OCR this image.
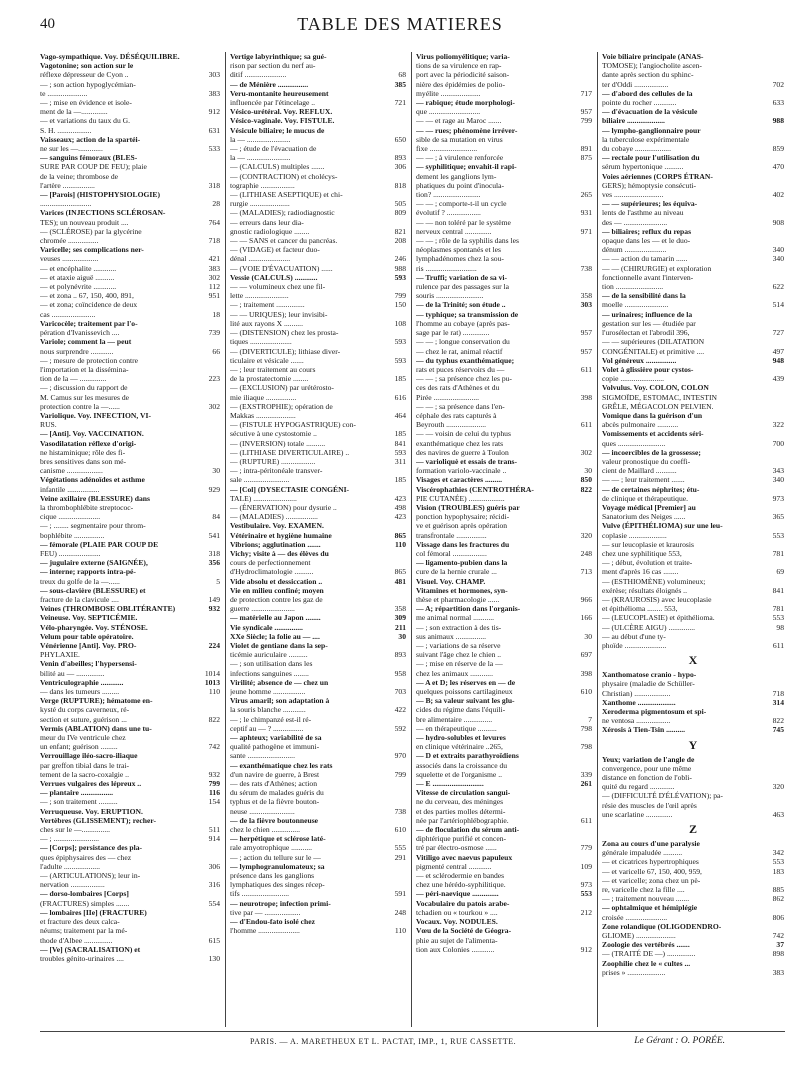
40	TABLE DES MATIERES
Vago-sympathique. Voy. DÉSÉQUILIBRE.
Vagotonine; son action sur le
réflexe dépresseur de Cyon ..	303
— ; son action hypoglycémian-
te .....................	383
— ; mise en évidence et isole-
ment de la —..............	912
— et variations du taux du G.
S. H. ..................	631
Vaisseaux; action de la spartéi-
ne sur les —.............	533
— sanguins fémoraux (BLES-
SURE PAR COUP DE FEU); plaie
de la veine; thrombose de
l'artère .................	318
— [Parois] (HISTOPHYSIOLOGIE)
...........................	28
Varices (INJECTIONS SCLÉROSAN-
TES); un nouveau produit ....	764
— (SCLÉROSE) par la glycérine
chromée ................	718
Varicelle; ses complications ner-
veuses ...................	421
— et encéphalite ............	383
— et ataxie aiguë ..........	302
— et polynévrite ............	112
— et zona .. 67, 150, 400, 891,	951
— et zona; coïncidence de deux
cas .......................	18
Varicocèle; traitement par l'o-
pération d'Ivanissevich ....	739
Variole; comment la — peut
nous surprendre ............	66
— ; mesure de protection contre
l'importation et la dissémina-
tion de la — ..............	223
— ; discussion du rapport de
M. Camus sur les mesures de
protection contre la —......	302
Variolique. Voy. INFECTION, VI-
RUS.
— [Anti]. Voy. VACCINATION.
Vasodilatation réflexe d'origi-
ne histaminique; rôle des fi-
bres sensitives dans son mé-
canisme ...................	30
Végétations adénoïdes et asthme
infantile .................	929
Veine axillaire (BLESSURE) dans
la thrombophlébite streptococ-
cique ......................	84
— ; ........ segmentaire pour throm-
bophlébite ................	541
— fémorale (PLAIE PAR COUP DE
FEU) ......................	318
— jugulaire externe (SAIGNÉE),	356
— interne; rapports intra-pé-
treux du golfe de la —......	5
— sous-clavière (BLESSURE) et
fracture de la clavicule ....	149
Veines (THROMBOSE OBLITÉRANTE)	932
Veineuse. Voy. SEPTICÉMIE.
Vélo-pharyngée. Voy. STÉNOSE.
Velum pour table opératoire.
Vénérienne [Anti]. Voy. PRO-	224
PHYLAXIE.
Venin d'abeilles; l'hypersensi-
bilité au — ...............	1014
Ventriculographie ............	1013
— dans les tumeurs .........	110
Verge (RUPTURE); hématome en-
kysté du corps caverneux, ré-
section et suture, guérison ...	822
Vermis (ABLATION) dans une tu-
meur du IVe ventricule chez
un enfant; guérison .........	742
Verrouillage iléo-sacro-iliaque
par greffon tibial dans le trai-
tement de la sacro-coxalgie ..	932
Verrues vulgaires des lépreux ..	799
— plantaire .................	116
— ; son traitement ..........	154
Verruqueuse. Voy. ERUPTION.
Vertèbres (GLISSEMENT); recher-
ches sur le —...............	511
— ; ........................	914
— [Corps]; persistance des pla-
ques épiphysaires des — chez
l'adulte ...................	306
— (ARTICULATIONS); leur in-
nervation ..................	316
— dorso-lombaires [Corps]
(FRACTURES) simples .......	554
— lombaires [IIe] (FRACTURE)
et fracture des deux calca-
néums; traitement par la mé-
thode d'Albee ...............	615
— [Ve] (SACRALISATION) et
troubles génito-urinaires ....	130
Vertige labyrinthique; sa gué-
rison par section du nerf au-
ditif ......................	68
— de Ménière ................	385
Veru-montanite heureusement
influencée par l'étincelage ..	721
Vésico-urétéral. Voy. REFLUX.
Vésico-vaginale. Voy. FISTULE.
Vésicule biliaire; le mucus de
la — .......................	650
— ; étude de l'évacuation de
la — .......................	893
— (CALCULS) multiples .......	306
— (CONTRACTION) et cholécys-
tographie ..................	818
— (LITHIASE ASEPTIQUE) et chi-
rurgie .....................	505
— (MALADIES); radiodiagnostic	809
— erreurs dans leur dia-
gnostic radiologique ........	821
— — SANS et cancer du pancréas.	208
— (VIDAGE) et facteur duo-
dénal ......................	246
— (VOIE D'ÉVACUATION) ......	988
Vessie (CALCULS) ............	593
— — volumineux chez une fil-
lette .......................	799
— ; traitement ...............	150
— — URIQUES); leur invisibi-
lité aux rayons X ..........	108
— (DISTENSION) chez les prosta-
tiques ......................	593
— (DIVERTICULE); lithiase diver-
ticulaire et vésicale .......	593
— ; leur traitement au cours
de la prostatectomie ........	185
— (EXCLUSION) par urétérosto-
mie iliaque ................	616
— (EXSTROPHIE); opération de
Makkas .....................	464
— (FISTULE HYPOGASTRIQUE) con-
sécutive à une cystostomie ..	185
— (INVERSION) totale ..........	841
— (LITHIASE DIVERTICULAIRE) ..	593
— (RUPTURE) ..................	311
— ; intra-péritonéale transver-
sale ........................	185
— [Col] (DYSECTASIE CONGÉNI-
TALE) .......................	423
— (ÉNERVATION) pour dysurie ..	498
— (MALADIES) .................	423
Vestibulaire. Voy. EXAMEN.
Vétérinaire et hygiène humaine	865
Vibrions; agglutination .......	110
Vichy; visite à — des élèves du
cours de perfectionnement
d'Hydroclimatologie ..........	865
Vide absolu et dessiccation ..	481
Vie en milieu confiné; moyen
de protection contre les gaz de
guerre .......................	358
— matérielle au Japon ........	309
Vie syndicale ...............	211
XXe Siècle; la folie au — ....	30
Violet de gentiane dans la sep-
ticémie auriculaire ..........	893
— ; son utilisation dans les
infections sanguines ........	958
Virilité; absence de — chez un
jeune homme .................	703
Virus amaril; son adaptation à
la souris blanche ............	422
— ; le chimpanzé est-il ré-
ceptif au — ? ................	592
— aphteux; variabilité de sa
qualité pathogène et immuni-
sante .........................	970
— exanthématique chez les rats
d'un navire de guerre, à Brest	799
— des rats d'Athènes; action
du sérum de malades guéris du
typhus et de la fièvre bouton-
neuse ........................	738
— de la fièvre boutonneuse
chez le chien ...............	610
— herpétique et sclérose laté-
rale amyotrophique ...........	555
— ; action du tellure sur le —	291
— lymphogranulomateux; sa
présence dans les ganglions
lymphatiques des singes récep-
tifs .........................	591
— neurotrope; infection primi-
tive par — ...................	248
— d'Endou-fato isolé chez
l'homme ......................	110
Virus poliomyélitique; varia-
tions de sa virulence en rap-
port avec la périodicité saison-
nière des épidémies de polio-
myélite .....................	717
— rabique; étude morphologi-
que ...........................	957
— — et rage au Maroc .......	799
— — rues; phénomène irréver-
sible de sa mutation en virus
fixe .........................	891
— — ; à virulence renforcée	875
— syphilitique; envahit-il rapi-
dement les ganglions lym-
phatiques du point d'inocula-
tion? .........................	265
— — ; comporte-t-il un cycle
évolutif ? ..................	931
— — non toléré par le système
nerveux central ..............	971
— — ; rôle de la syphilis dans les
néoplasmes spontanés et les
lymphadénomes chez la sou-
ris ...........................	738
— Truffi; variation de sa vi-
rulence par des passages sur la
souris .........................	358
— de la Trinité; son étude ..	303
— typhique; sa transmission de
l'homme au cobaye (après pas-
sage par le rat) ..............	957
— — ; longue conservation du
— chez le rat, animal réactif	957
— du typhus exanthématique;
rats et puces réservoirs du —	611
— — ; sa présence chez les pu-
ces des rats d'Athènes et du
Pirée ........................	398
— — ; sa présence dans l'en-
céphale des rats capturés à
Beyrouth .....................	611
— — voisin de celui du typhus
exanthématique chez les rats
des navires de guerre à Toulon	302
— varioliquè et essais de trans-
formation variolo-vaccinale ..	30
Visages et caractères .........	850
Viscérophathies (CENTROTHÉRA-	822
PIE CUTANÉE) ...................
Vision (TROUBLES) guéris par
ponction hypophysaire; récidi-
ve et guérison après opération
transfrontale ................	320
Vissage dans les fractures du
col fémoral ..................	248
— ligamento-pubien dans la
cure de la hernie crurale ...	713
Visuel. Voy. CHAMP.
Vitamines et hormones, syn-
thèse et pharmacologie ......	966
— A; répartition dans l'organis-
me animal normal ...........	166
— ; son extraction à des tis-
sus animaux ................	30
— ; variations de sa réserve
suivant l'âge chez le chien ..	697
— ; mise en réserve de la —
chez les animaux ............	398
— A et D; les réserves en — de
quelques poissons cartilagineux	610
— B; sa valeur suivant les glu-
cides du régime dans l'équili-
bre alimentaire ...............	7
— en thérapeutique ..........	798
— hydro-solubles et levures
en clinique vétérinaire ..265,	798
— D et extraits parathyroïdiens
associés dans la croissance du
squelette et de l'organisme ..	339
— E ...........................	261
Vitesse de circulation sangui-
ne du cerveau, des méninges
et des parties molles détermi-
née par l'artériophlébographie.	611
— de floculation du sérum anti-
diphtérique purifié et concen-
tré par électro-osmose ......	779
Vitiligo avec naevus papuleux
pigmenté central ............	109
— et sclérodermie en bandes
chez une hérédo-syphilitique.	973
— péri-naevique ..............	553
Vocabulaire du patois arabe-
tchadien ou « tourkou » ....	212
Vocaux. Voy. NODULES.
Vœu de la Société de Géogra-
phie au sujet de l'alimenta-
tion aux Colonies ............	912
Voie biliaire principale (ANAS-
TOMOSE); l'angiocholite ascen-
dante après section du sphinc-
ter d'Oddi ..................	702
— d'abord des cellules de la
pointe du rocher ............	633
— d'évacuation de la vésicule
biliaire ....................	988
— lympho-ganglionnaire pour
la tuberculose expérimentale
du cobaye ...................	859
— rectale pour l'utilisation du
sérum hypertonique ..........	470
Voies aériennes (CORPS ÉTRAN-
GERS); hémoptysie consécuti-
ves ..........................	402
— — supérieures; les équiva-
lents de l'asthme au niveau
des — .......................	908
— biliaires; reflux du repas
opaque dans les — et le duo-
dénum ......................	340
— — action du tamarin ......	340
— — (CHIRURGIE) et exploration
fonctionnelle avant l'interven-
tion .........................	622
— de la sensibilité dans la
moelle .......................	514
— urinaires; influence de la
gestation sur les — étudiée par
l'urosélectan et l'abrodil 396,	727
— — supérieures (DILATATION
CONGÉNITALE) et primitive ....	497
Vol généreux ................	948
Volet à glissière pour cystos-
copie .......................	439
Volvulus. Voy. COLON, COLON
SIGMOÏDE, ESTOMAC, INTESTIN
GRÊLE, MÉGACOLON PELVIEN.
Vomique dans la guérison d'un
abcès pulmonaire ...........	322
Vomissements et accidents séri-
ques .........................	700
— incoercibles de la grossesse;
valeur pronostique du coeffi-
cient de Maillard ...........	343
— — ; leur traitement .......	340
— de certaines néphrites; étu-
de clinique et thérapeutique.	973
Voyage médical [Premier] au
Sanatorium des Neiges ......	365
Vulve (ÉPITHÉLIOMA) sur une leu-
coplasie ....................	553
— sur leucoplasie et kraurosis
chez une syphilitique 553,	781
— ; début, évolution et traite-
ment d'après 16 cas ........	69
— (ESTHIOMÈNE) volumineux;
exérèse; résultats éloignés ..	841
— (KRAUROSIS) avec leucoplasie
et épithélioma ........ 553,	781
— (LEUCOPLASIE) et épithélioma.	553
— (ULCÈRE AIGU) ..............	98
— au début d'une ty-
phoïde ......................	611
X
Xanthomatose cranio - hypo-
physaire (maladie de Schüller-
Christian) ...................	718
Xanthome ....................	314
Xeroderma pigmentosum et spi-
ne ventosa ..................	822
Xérosis à Tien-Tsin ..........	745
Y
Yeux; variation de l'angle de
convergence, pour une même
distance en fonction de l'obli-
quité du regard .............	320
— (DIFFICULTÉ D'ÉLÉVATION); pa-
résie des muscles de l'œil après
une scarlatine ..............	463
Z
Zona au cours d'une paralysie
générale impaludée ..........	342
— et cicatrices hypertrophiques	553
— et varicelle 67, 150, 400, 959,	183
— et varicelle; zona chez un pè-
re, varicelle chez la fille ....	885
— ; traitement nouveau .......	862
— ophtalmique et hémiplégie
croisée ......................	806
Zone rolandique (OLIGODENDRO-
GLIOME) .....................	742
Zoologie des vertébrés .......	37
— (TRAITÉ DE —) ...............	898
Zoophilie chez le « cultes ...
prises » ....................	383
PARIS. — A. MARETHEUX ET L. PACTAT, IMP., 1, RUE CASSETTE.	Le Gérant : O. PORÉE.
